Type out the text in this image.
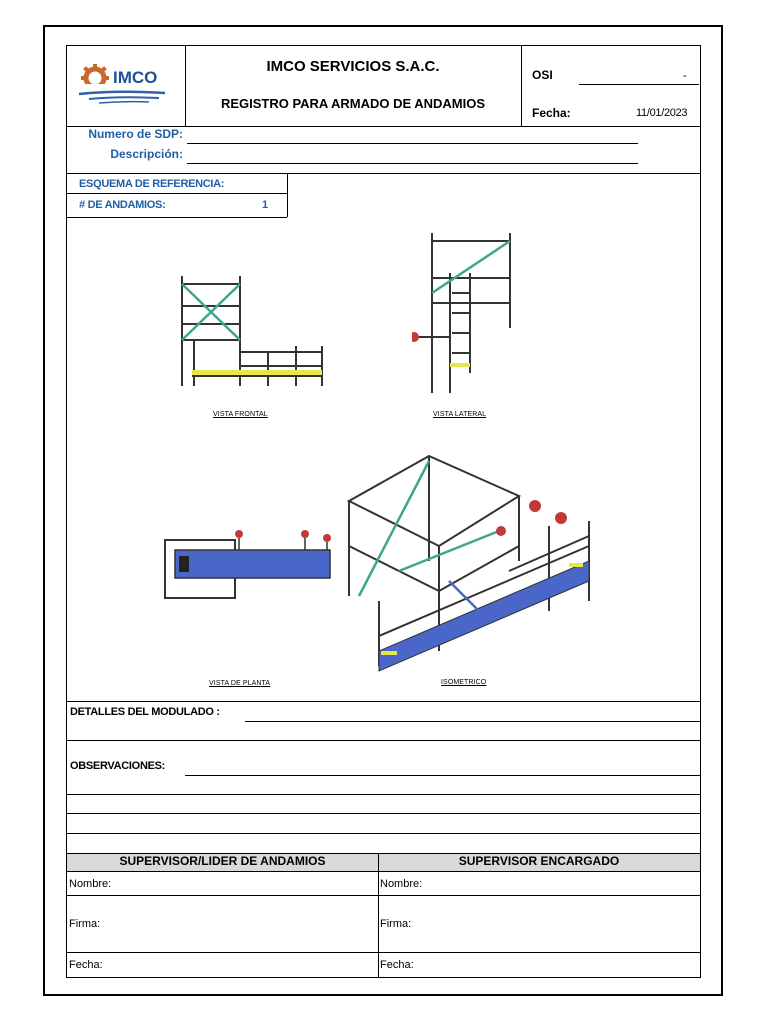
IMCO
IMCO SERVICIOS S.A.C.
REGISTRO PARA ARMADO DE ANDAMIOS
OSI	-
Fecha:	11/01/2023
Numero de SDP:
Descripción:
ESQUEMA DE REFERENCIA:
# DE ANDAMIOS:	1
VISTA FRONTAL	VISTA LATERAL
VISTA DE PLANTA	ISOMETRICO
DETALLES DEL MODULADO :
OBSERVACIONES:
SUPERVISOR/LIDER DE ANDAMIOS	SUPERVISOR ENCARGADO
Nombre:	Nombre:
Firma:	Firma:
Fecha:	Fecha:
